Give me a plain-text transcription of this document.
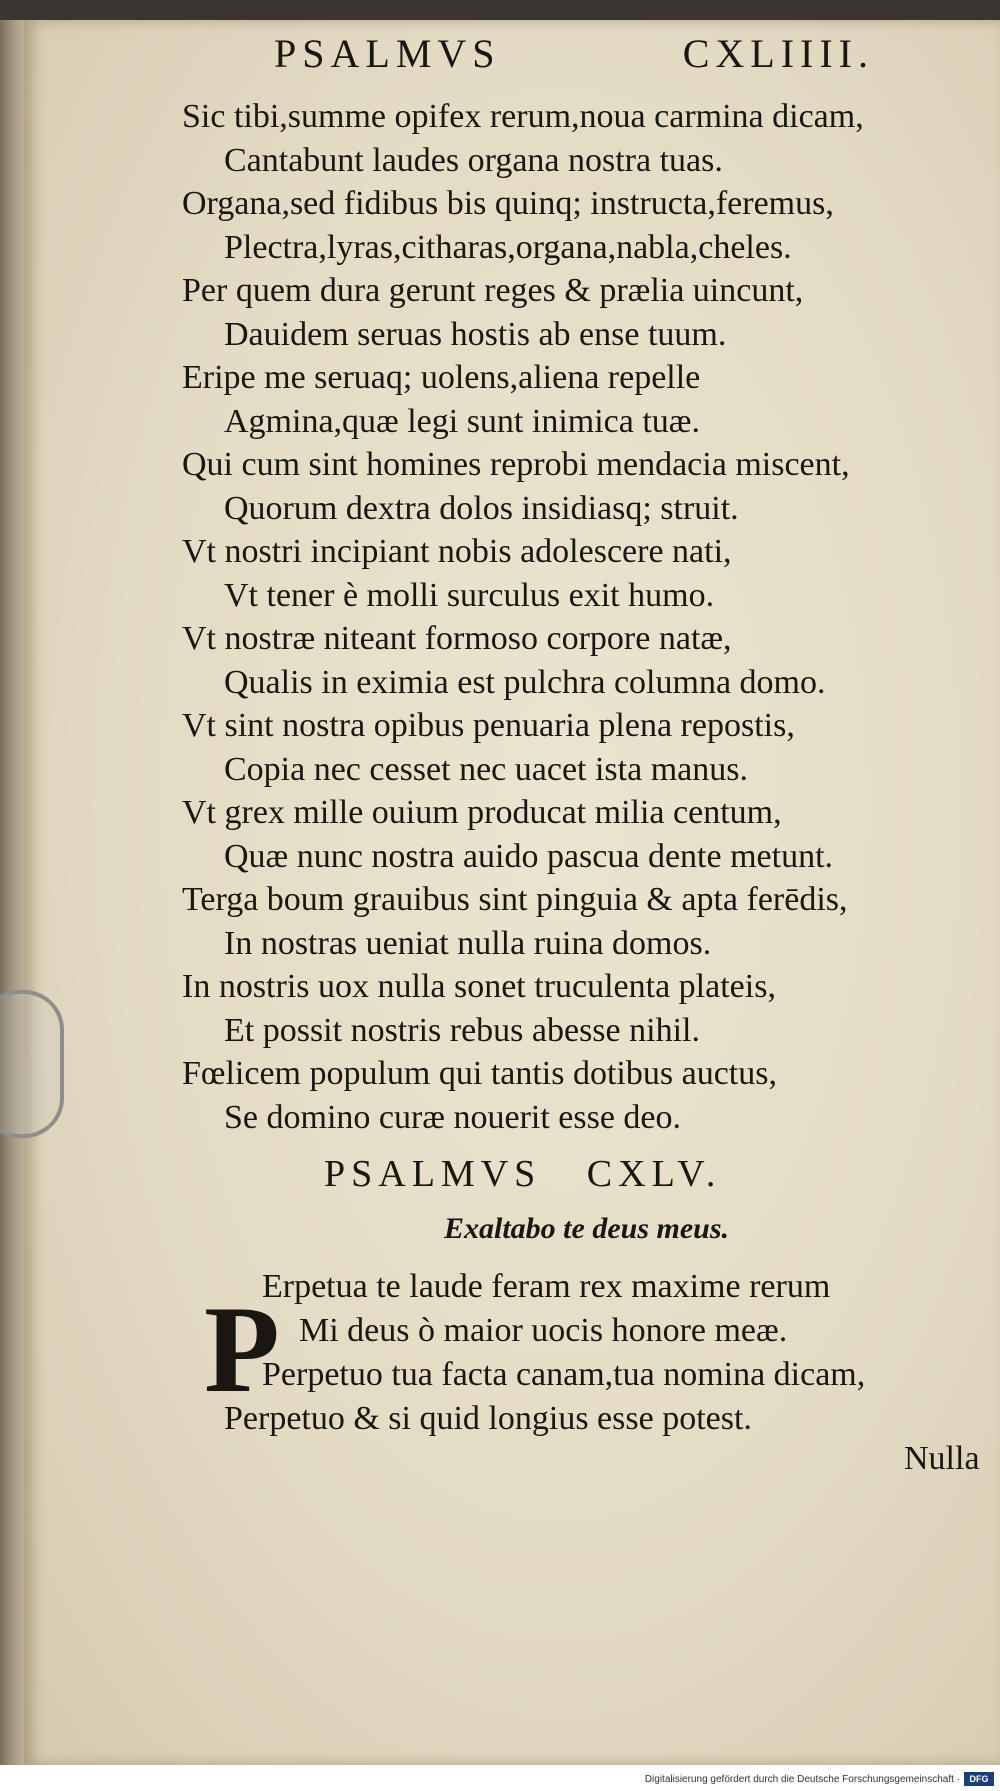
PSALMVS	CXLIIII.
Sic tibi,summe opifex rerum,noua carmina dicam,
Cantabunt laudes organa nostra tuas.
Organa,sed fidibus bis quinq; instructa,feremus,
Plectra,lyras,citharas,organa,nabla,cheles.
Per quem dura gerunt reges & prælia uincunt,
Dauidem seruas hostis ab ense tuum.
Eripe me seruaq; uolens,aliena repelle
Agmina,quæ legi sunt inimica tuæ.
Qui cum sint homines reprobi mendacia miscent,
Quorum dextra dolos insidiasq; struit.
Vt nostri incipiant nobis adolescere nati,
Vt tener è molli surculus exit humo.
Vt nostræ niteant formoso corpore natæ,
Qualis in eximia est pulchra columna domo.
Vt sint nostra opibus penuaria plena repostis,
Copia nec cesset nec uacet ista manus.
Vt grex mille ouium producat milia centum,
Quæ nunc nostra auido pascua dente metunt.
Terga boum grauibus sint pinguia & apta ferēdis,
In nostras ueniat nulla ruina domos.
In nostris uox nulla sonet truculenta plateis,
Et possit nostris rebus abesse nihil.
Fœlicem populum qui tantis dotibus auctus,
Se domino curæ nouerit esse deo.
PSALMVS CXLV.
Exaltabo te deus meus.
P
Erpetua te laude feram rex maxime rerum
Mi deus ò maior uocis honore meæ.
Perpetuo tua facta canam,tua nomina dicam,
Perpetuo & si quid longius esse potest.
Nulla
Digitalisierung gefördert durch die Deutsche Forschungsgemeinschaft ·	DFG
